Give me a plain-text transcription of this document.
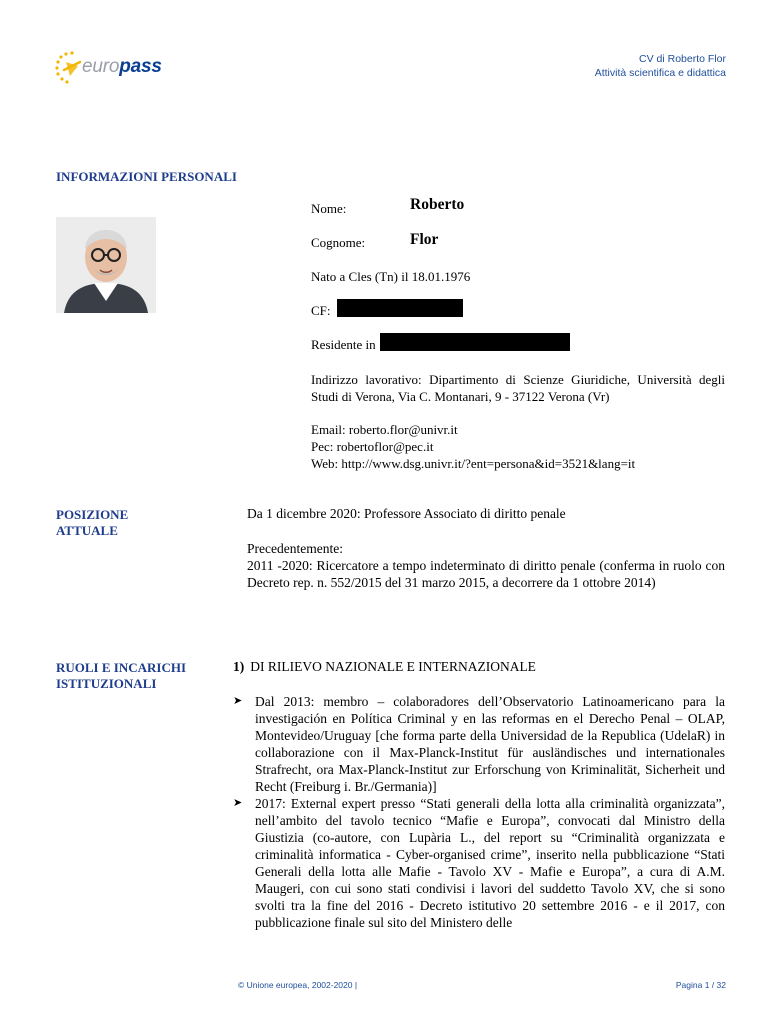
europass	CV di Roberto Flor
Attività scientifica e didattica
INFORMAZIONI PERSONALI
Nome:	Roberto
Cognome:	Flor
Nato a Cles (Tn) il 18.01.1976
CF:
Residente in
Indirizzo lavorativo: Dipartimento di Scienze Giuridiche, Università degli Studi di Verona, Via C. Montanari, 9 - 37122 Verona (Vr)
Email: roberto.flor@univr.it
Pec: robertoflor@pec.it
Web: http://www.dsg.univr.it/?ent=persona&id=3521&lang=it
POSIZIONE
ATTUALE
Da 1 dicembre 2020: Professore Associato di diritto penale
Precedentemente:
2011 -2020: Ricercatore a tempo indeterminato di diritto penale (conferma in ruolo con Decreto rep. n. 552/2015 del 31 marzo 2015, a decorrere da 1 ottobre 2014)
RUOLI E INCARICHI
ISTITUZIONALI
1) DI RILIEVO NAZIONALE E INTERNAZIONALE
➤ Dal 2013: membro – colaboradores dell’Observatorio Latinoamericano para la investigación en Política Criminal y en las reformas en el Derecho Penal – OLAP, Montevideo/Uruguay [che forma parte della Universidad de la Republica (UdelaR) in collaborazione con il Max-Planck-Institut für ausländisches und internationales Strafrecht, ora Max-Planck-Institut zur Erforschung von Kriminalität, Sicherheit und Recht (Freiburg i. Br./Germania)]
➤ 2017: External expert presso “Stati generali della lotta alla criminalità organizzata”, nell’ambito del tavolo tecnico “Mafie e Europa”, convocati dal Ministro della Giustizia (co-autore, con Lupària L., del report su “Criminalità organizzata e criminalità informatica - Cyber-organised crime”, inserito nella pubblicazione “Stati Generali della lotta alle Mafie - Tavolo XV - Mafie e Europa”, a cura di A.M. Maugeri, con cui sono stati condivisi i lavori del suddetto Tavolo XV, che si sono svolti tra la fine del 2016 - Decreto istitutivo 20 settembre 2016 - e il 2017, con pubblicazione finale sul sito del Ministero delle
© Unione europea, 2002-2020 |	Pagina 1 / 32
